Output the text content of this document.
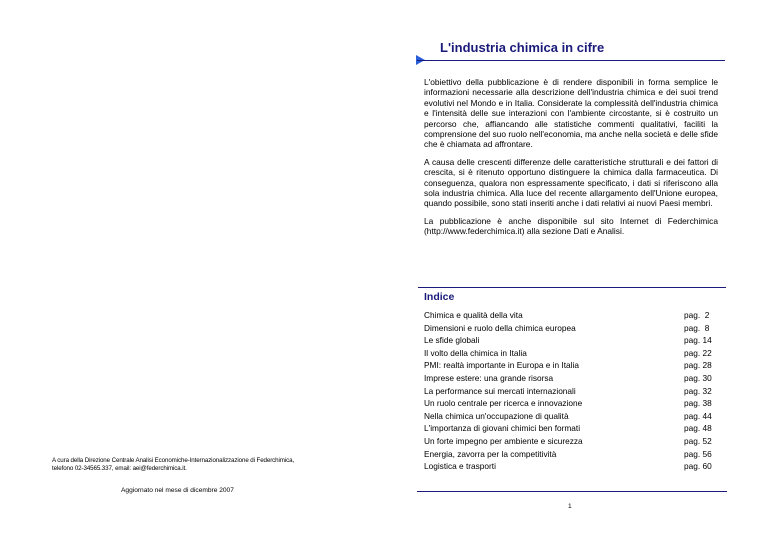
L'industria chimica in cifre

L'obiettivo della pubblicazione è di rendere disponibili in forma semplice le informazioni necessarie alla descrizione dell'industria chimica e dei suoi trend evolutivi nel Mondo e in Italia. Considerate la complessità dell'industria chimica e l'intensità delle sue interazioni con l'ambiente circostante, si è costruito un percorso che, affiancando alle statistiche commenti qualitativi, faciliti la comprensione del suo ruolo nell'economia, ma anche nella società e delle sfide che è chiamata ad affrontare.

A causa delle crescenti differenze delle caratteristiche strutturali e dei fattori di crescita, si è ritenuto opportuno distinguere la chimica dalla farmaceutica. Di conseguenza, qualora non espressamente specificato, i dati si riferiscono alla sola industria chimica. Alla luce del recente allargamento dell'Unione europea, quando possibile, sono stati inseriti anche i dati relativi ai nuovi Paesi membri.

La pubblicazione è anche disponibile sul sito Internet di Federchimica (http://www.federchimica.it) alla sezione Dati e Analisi.

Indice
Chimica e qualità della vita	pag.  2
Dimensioni e ruolo della chimica europea	pag.  8
Le sfide globali	pag. 14
Il volto della chimica in Italia	pag. 22
PMI: realtà importante in Europa e in Italia	pag. 28
Imprese estere: una grande risorsa	pag. 30
La performance sui mercati internazionali	pag. 32
Un ruolo centrale per ricerca e innovazione	pag. 38
Nella chimica un'occupazione di qualità	pag. 44
L'importanza di giovani chimici ben formati	pag. 48
Un forte impegno per ambiente e sicurezza	pag. 52
Energia, zavorra per la competitività	pag. 56
Logistica e trasporti	pag. 60
A cura della Direzione Centrale Analisi Economiche-Internazionalizzazione di Federchimica,
telefono 02-34565.337, email: aei@federchimica.it.
Aggiornato nel mese di dicembre 2007
1
